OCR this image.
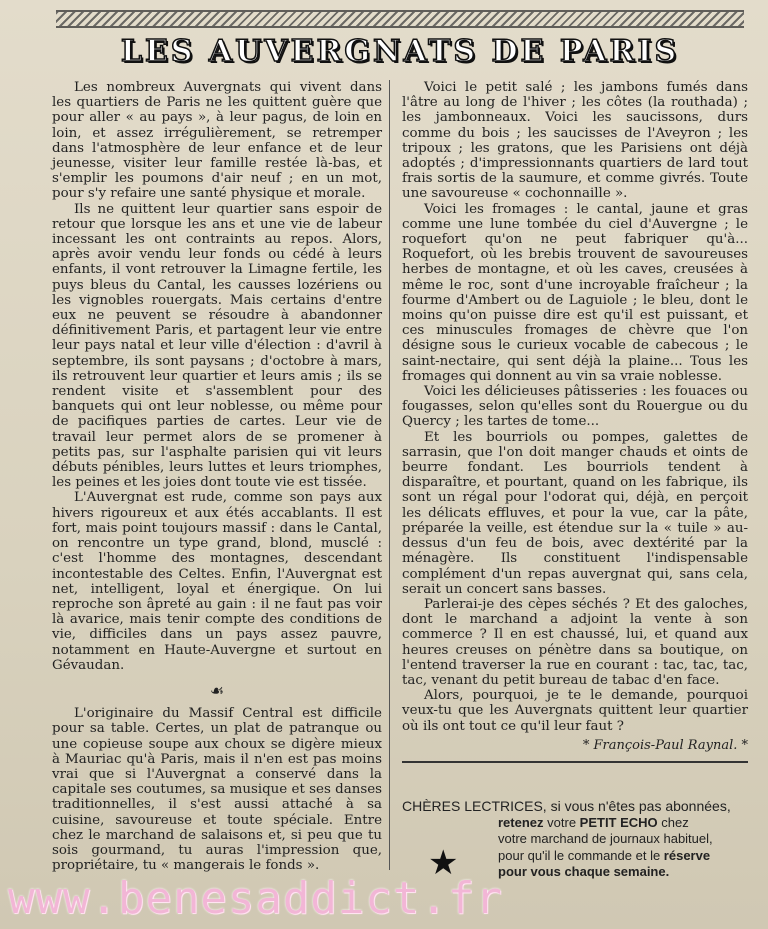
LES AUVERGNATS DE PARIS

Les nombreux Auvergnats qui vivent dans les quartiers de Paris ne les quittent guère que pour aller « au pays », à leur pagus, de loin en loin, et assez irrégulièrement, se retremper dans l'atmosphère de leur enfance et de leur jeunesse, visiter leur famille restée là-bas, et s'emplir les poumons d'air neuf ; en un mot, pour s'y refaire une santé physique et morale.

Ils ne quittent leur quartier sans espoir de retour que lorsque les ans et une vie de labeur incessant les ont contraints au repos. Alors, après avoir vendu leur fonds ou cédé à leurs enfants, il vont retrouver la Limagne fertile, les puys bleus du Cantal, les causses lozériens ou les vignobles rouergats. Mais certains d'entre eux ne peuvent se résoudre à abandonner définitivement Paris, et partagent leur vie entre leur pays natal et leur ville d'élection : d'avril à septembre, ils sont paysans ; d'octobre à mars, ils retrouvent leur quartier et leurs amis ; ils se rendent visite et s'assemblent pour des banquets qui ont leur noblesse, ou même pour de pacifiques parties de cartes. Leur vie de travail leur permet alors de se promener à petits pas, sur l'asphalte parisien qui vit leurs débuts pénibles, leurs luttes et leurs triomphes, les peines et les joies dont toute vie est tissée.

L'Auvergnat est rude, comme son pays aux hivers rigoureux et aux étés accablants. Il est fort, mais point toujours massif : dans le Cantal, on rencontre un type grand, blond, musclé : c'est l'homme des montagnes, descendant incontestable des Celtes. Enfin, l'Auvergnat est net, intelligent, loyal et énergique. On lui reproche son âpreté au gain : il ne faut pas voir là avarice, mais tenir compte des conditions de vie, difficiles dans un pays assez pauvre, notamment en Haute-Auvergne et surtout en Gévaudan.

☙

L'originaire du Massif Central est difficile pour sa table. Certes, un plat de patranque ou une copieuse soupe aux choux se digère mieux à Mauriac qu'à Paris, mais il n'en est pas moins vrai que si l'Auvergnat a conservé dans la capitale ses coutumes, sa musique et ses danses traditionnelles, il s'est aussi attaché à sa cuisine, savoureuse et toute spéciale. Entre chez le marchand de salaisons et, si peu que tu sois gourmand, tu auras l'impression que, propriétaire, tu « mangerais le fonds ».

Voici le petit salé ; les jambons fumés dans l'âtre au long de l'hiver ; les côtes (la routhada) ; les jambonneaux. Voici les saucissons, durs comme du bois ; les saucisses de l'Aveyron ; les tripoux ; les gratons, que les Parisiens ont déjà adoptés ; d'impressionnants quartiers de lard tout frais sortis de la saumure, et comme givrés. Toute une savoureuse « cochonnaille ».

Voici les fromages : le cantal, jaune et gras comme une lune tombée du ciel d'Auvergne ; le roquefort qu'on ne peut fabriquer qu'à... Roquefort, où les brebis trouvent de savoureuses herbes de montagne, et où les caves, creusées à même le roc, sont d'une incroyable fraîcheur ; la fourme d'Ambert ou de Laguiole ; le bleu, dont le moins qu'on puisse dire est qu'il est puissant, et ces minuscules fromages de chèvre que l'on désigne sous le curieux vocable de cabecous ; le saint-nectaire, qui sent déjà la plaine... Tous les fromages qui donnent au vin sa vraie noblesse.

Voici les délicieuses pâtisseries : les fouaces ou fougasses, selon qu'elles sont du Rouergue ou du Quercy ; les tartes de tome...

Et les bourriols ou pompes, galettes de sarrasin, que l'on doit manger chauds et oints de beurre fondant. Les bourriols tendent à disparaître, et pourtant, quand on les fabrique, ils sont un régal pour l'odorat qui, déjà, en perçoit les délicats effluves, et pour la vue, car la pâte, préparée la veille, est étendue sur la « tuile » au-dessus d'un feu de bois, avec dextérité par la ménagère. Ils constituent l'indispensable complément d'un repas auvergnat qui, sans cela, serait un concert sans basses.

Parlerai-je des cèpes séchés ? Et des galoches, dont le marchand a adjoint la vente à son commerce ? Il en est chaussé, lui, et quand aux heures creuses on pénètre dans sa boutique, on l'entend traverser la rue en courant : tac, tac, tac, tac, venant du petit bureau de tabac d'en face.

Alors, pourquoi, je te le demande, pourquoi veux-tu que les Auvergnats quittent leur quartier où ils ont tout ce qu'il leur faut ?

* François-Paul Raynal. *
CHÈRES LECTRICES, si vous n'êtes pas abonnées,
retenez votre PETIT ECHO chez
votre marchand de journaux habituel,
pour qu'il le commande et le réserve
pour vous chaque semaine.
★
www.benesaddict.fr
